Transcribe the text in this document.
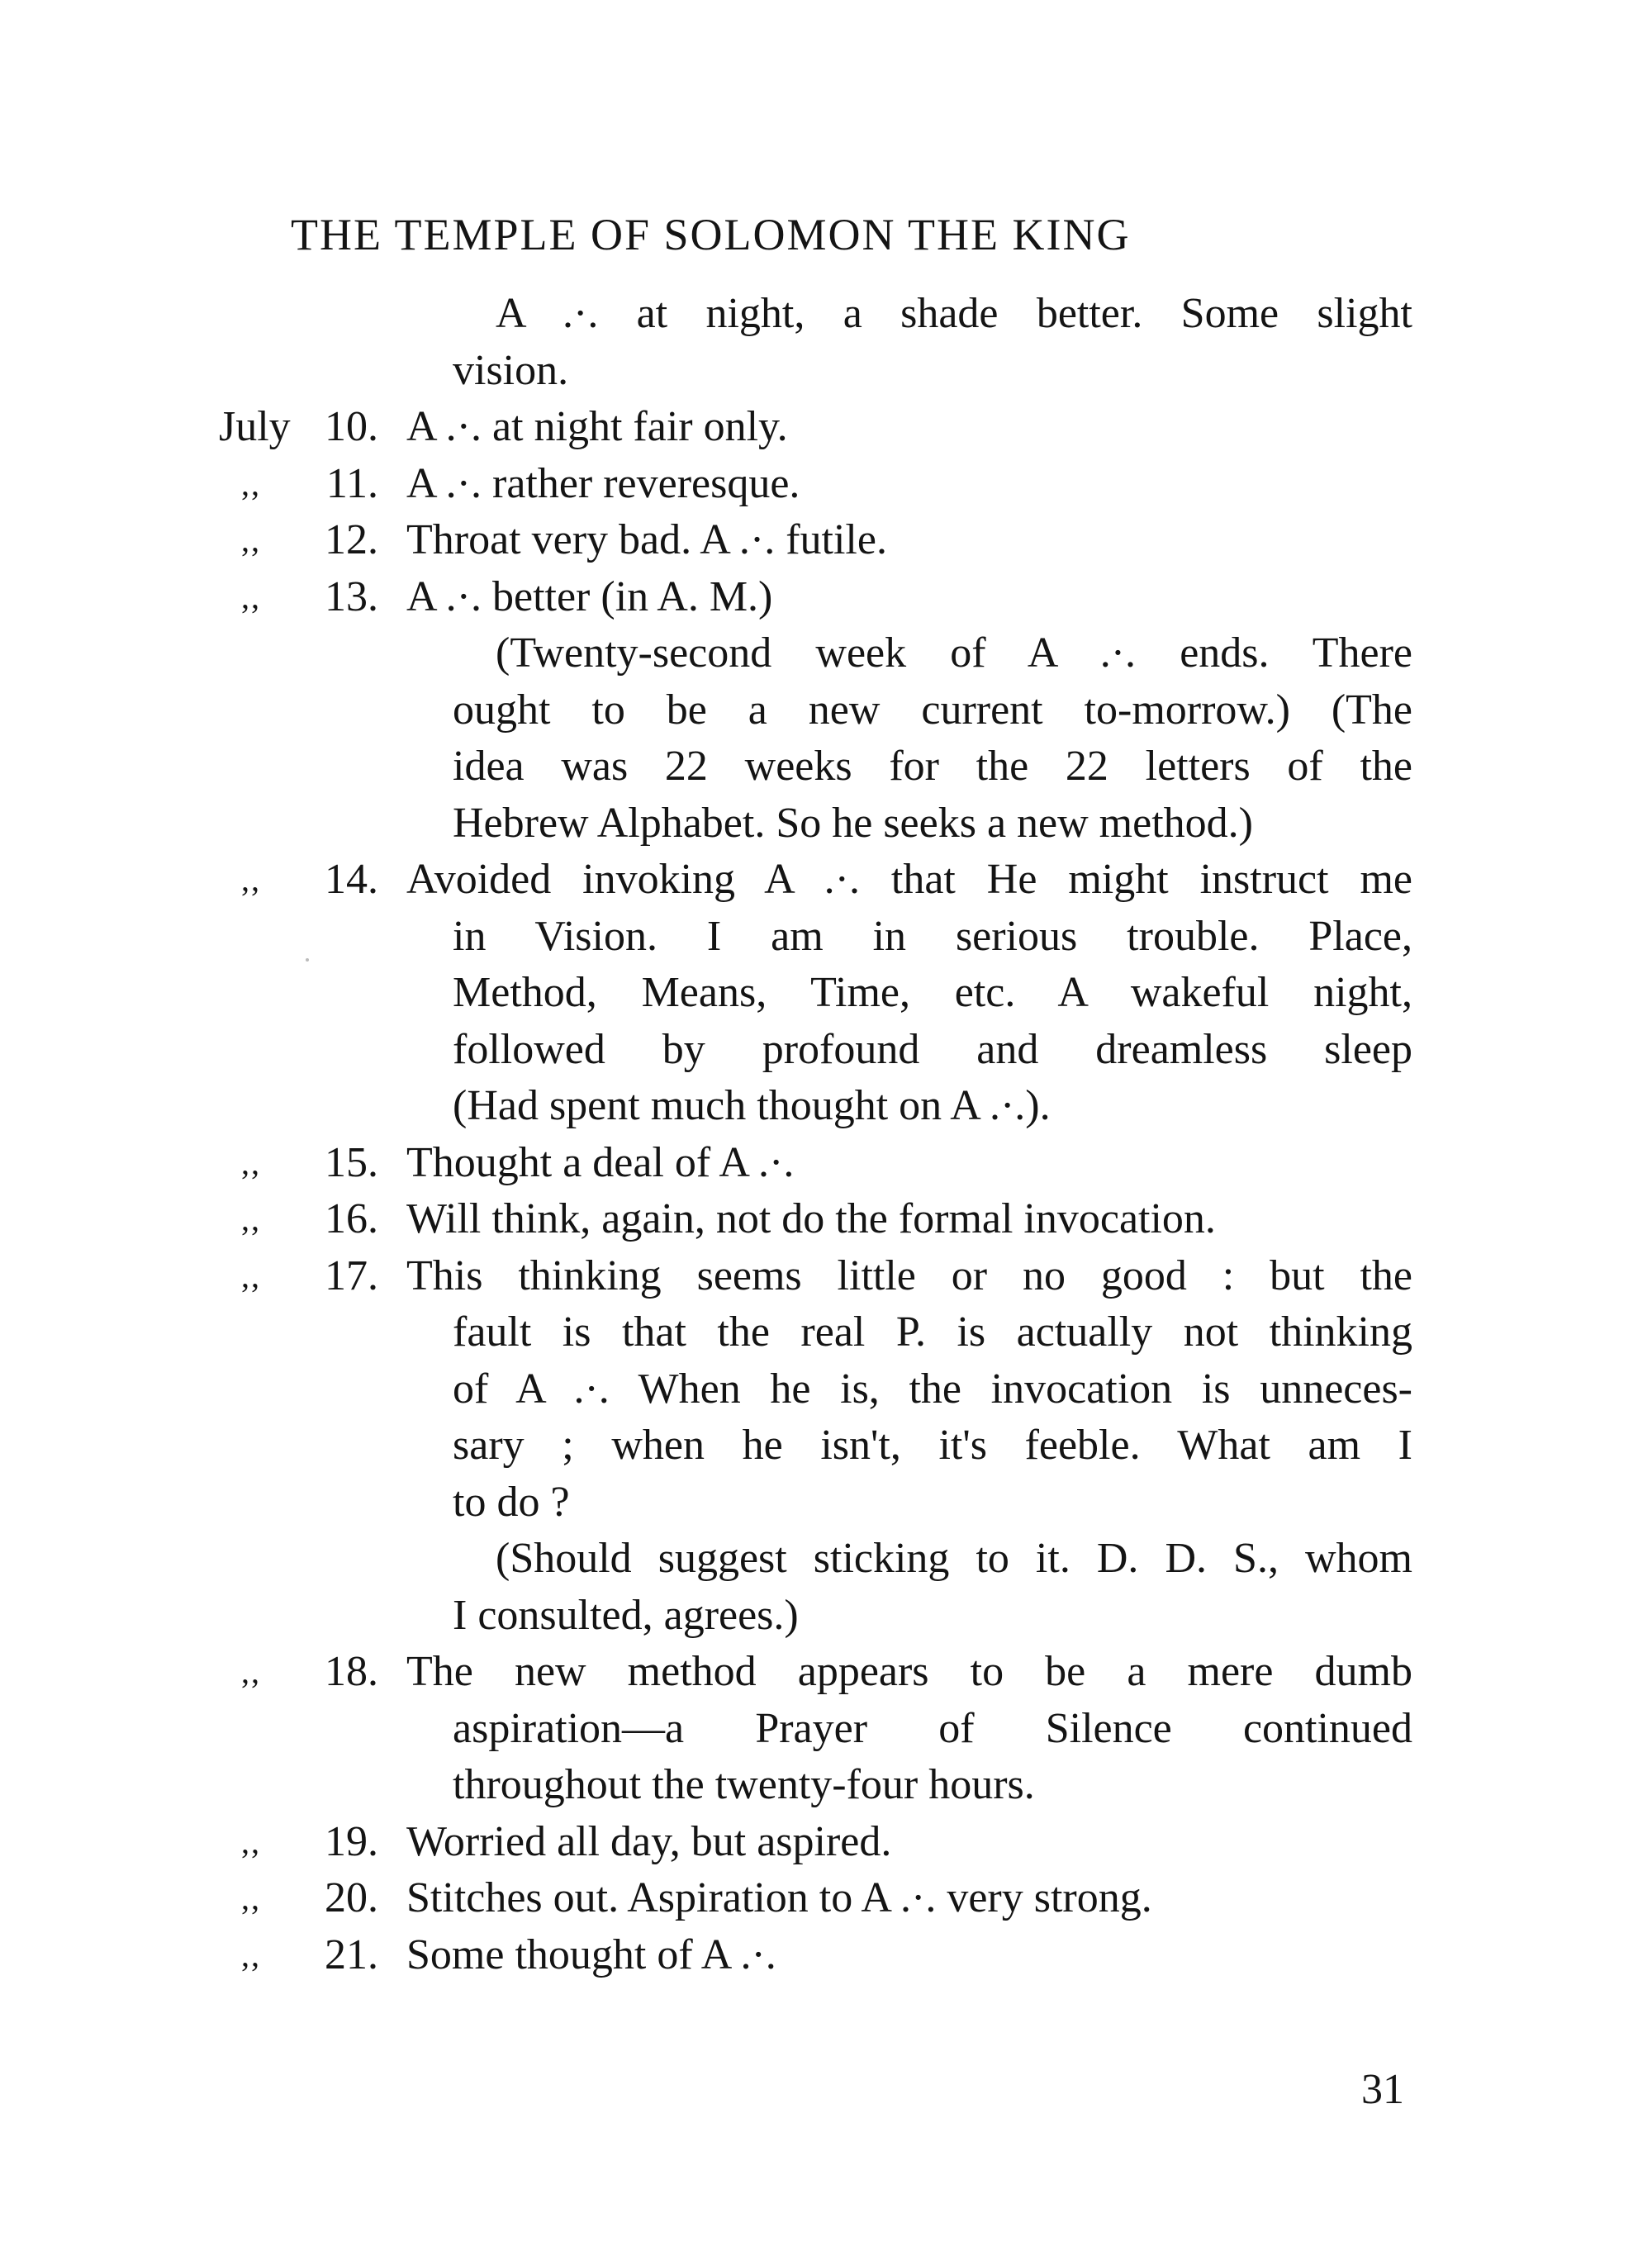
THE TEMPLE OF SOLOMON THE KING
A .·. at night, a shade better. Some slight
vision.
July 10. A .·. at night fair only.
,, 11. A .·. rather reveresque.
,, 12. Throat very bad. A .·. futile.
,, 13. A .·. better (in A. M.)
(Twenty-second week of A .·. ends. There
ought to be a new current to-morrow.) (The
idea was 22 weeks for the 22 letters of the
Hebrew Alphabet. So he seeks a new method.)
,, 14. Avoided invoking A .·. that He might instruct me
in Vision. I am in serious trouble. Place,
Method, Means, Time, etc. A wakeful night,
followed by profound and dreamless sleep
(Had spent much thought on A .·.).
,, 15. Thought a deal of A .·.
,, 16. Will think, again, not do the formal invocation.
,, 17. This thinking seems little or no good : but the
fault is that the real P. is actually not thinking
of A .·. When he is, the invocation is unneces-
sary ; when he isn't, it's feeble. What am I
to do ?
(Should suggest sticking to it. D. D. S., whom
I consulted, agrees.)
,, 18. The new method appears to be a mere dumb
aspiration—a Prayer of Silence continued
throughout the twenty-four hours.
,, 19. Worried all day, but aspired.
,, 20. Stitches out. Aspiration to A .·. very strong.
,, 21. Some thought of A .·.
31
